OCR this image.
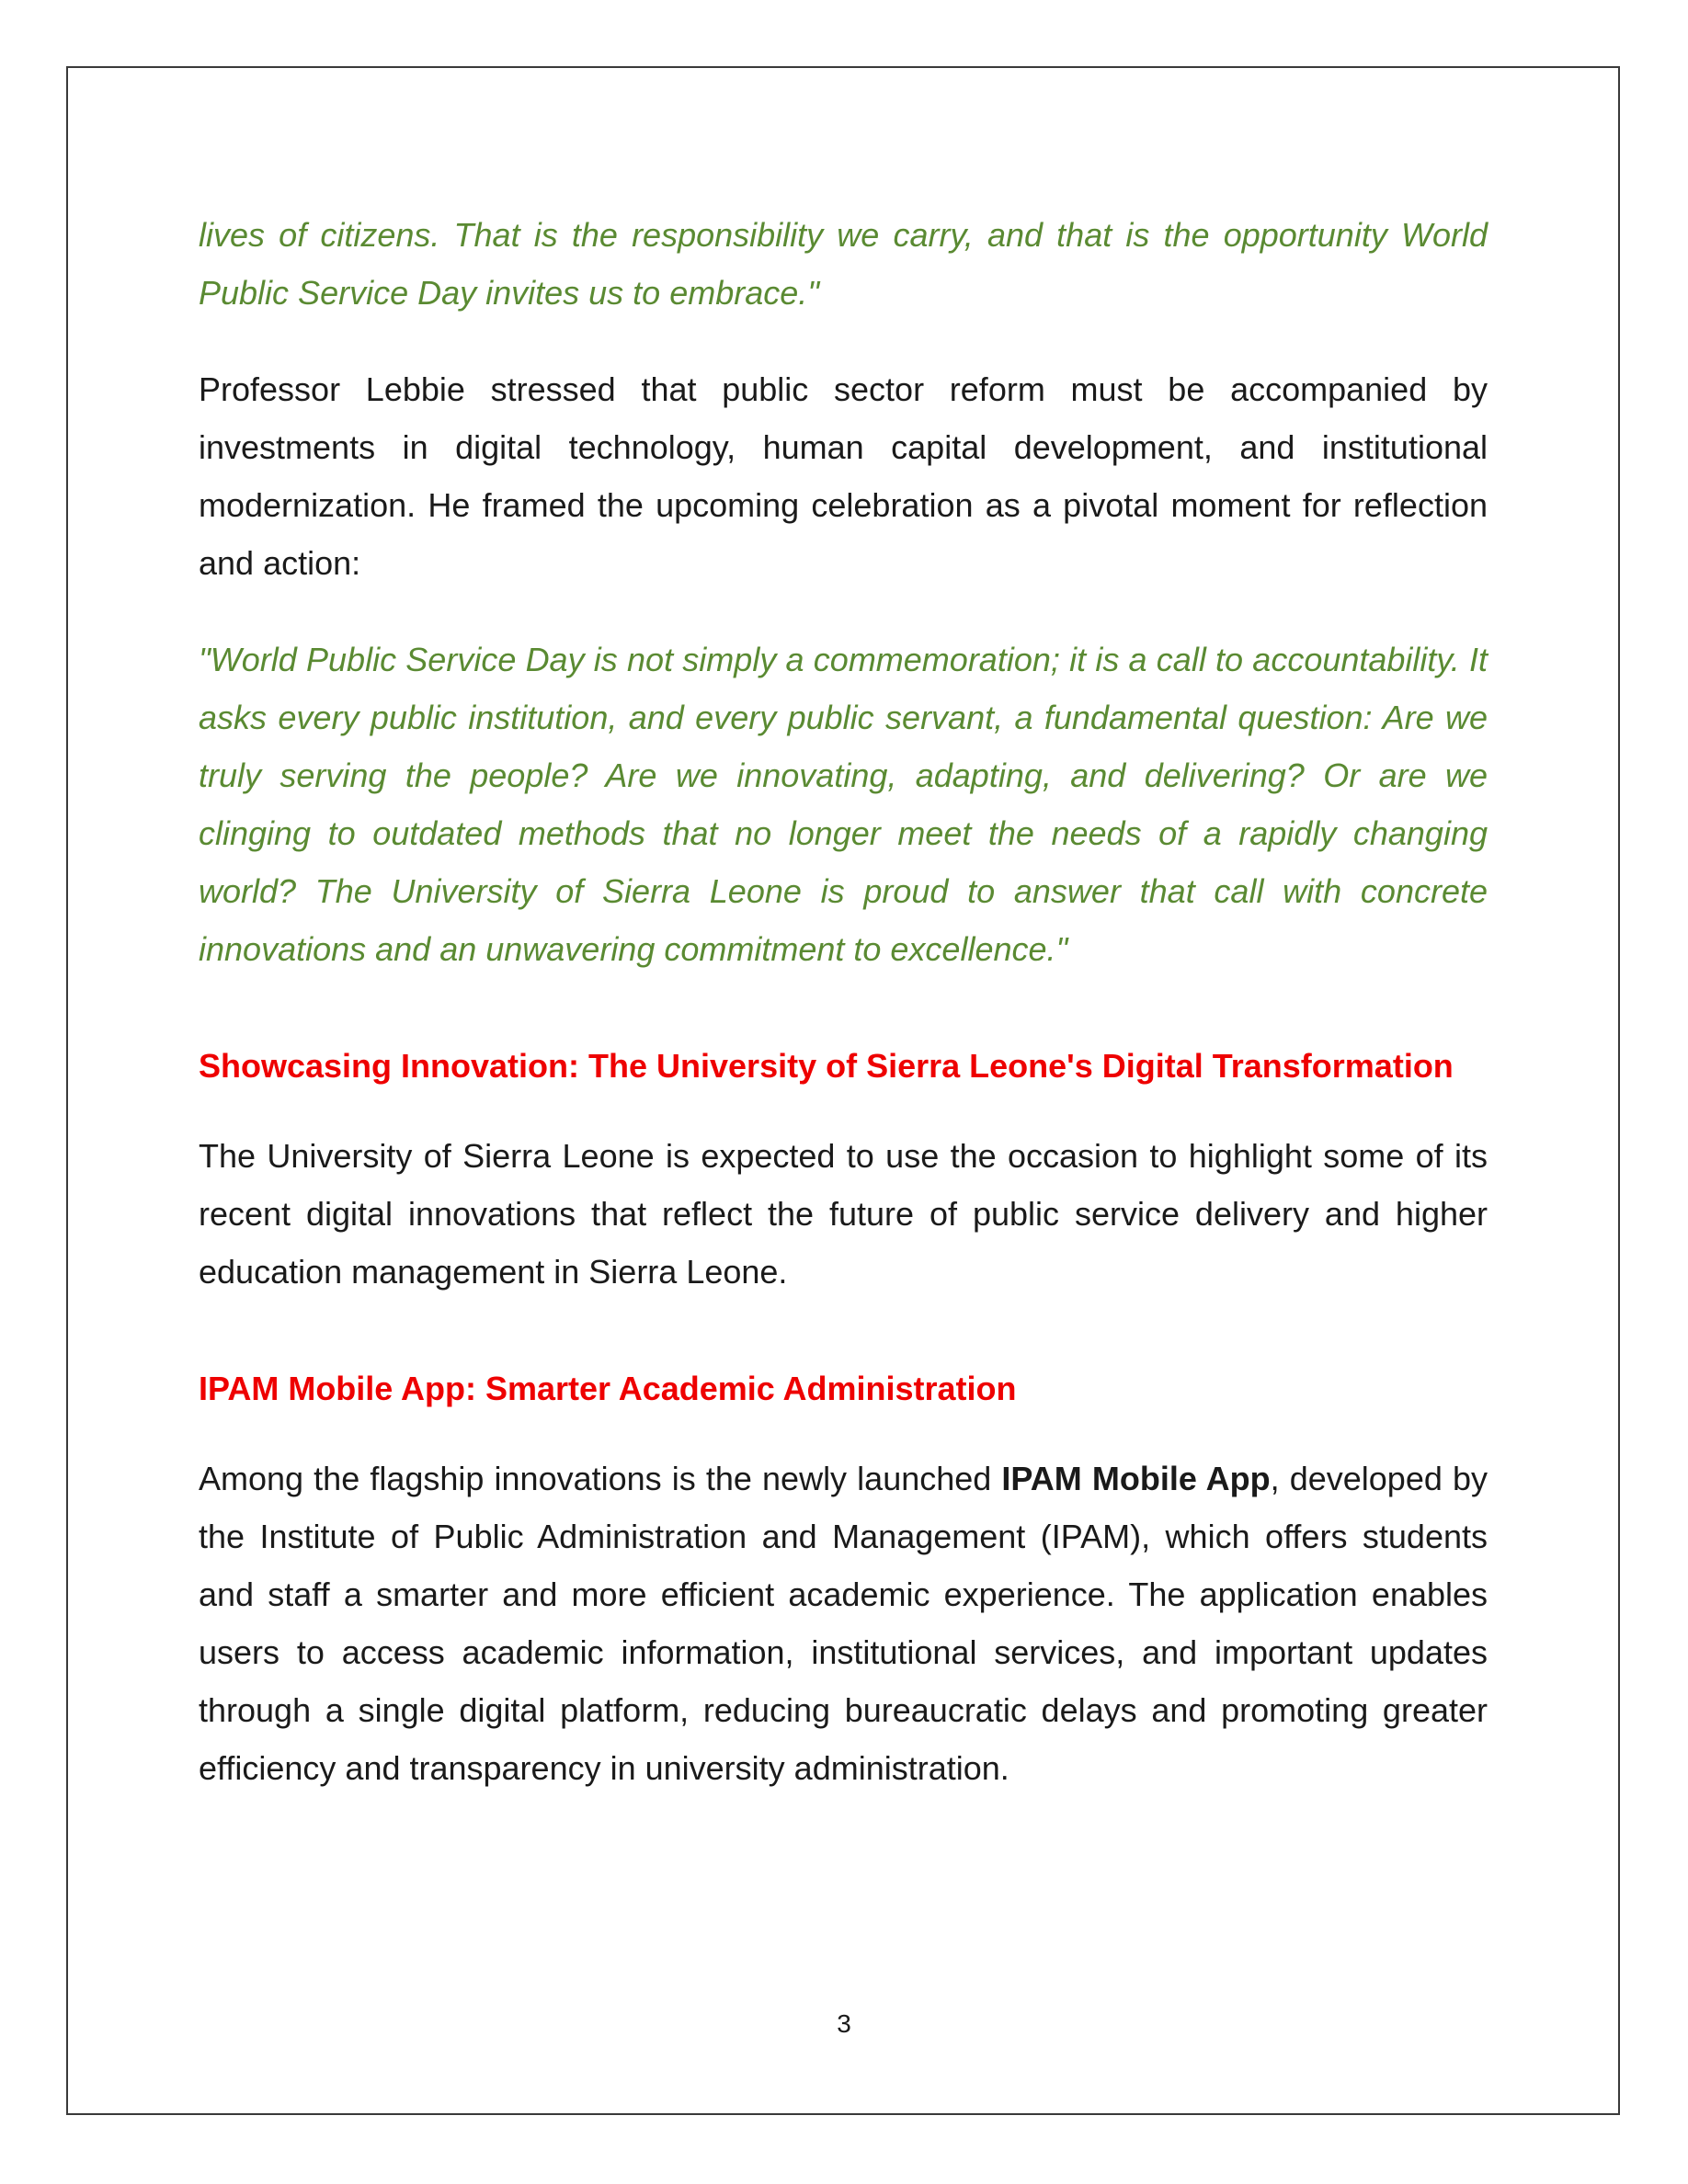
lives of citizens. That is the responsibility we carry, and that is the opportunity World Public Service Day invites us to embrace."

Professor Lebbie stressed that public sector reform must be accompanied by investments in digital technology, human capital development, and institutional modernization. He framed the upcoming celebration as a pivotal moment for reflection and action:

"World Public Service Day is not simply a commemoration; it is a call to accountability. It asks every public institution, and every public servant, a fundamental question: Are we truly serving the people? Are we innovating, adapting, and delivering? Or are we clinging to outdated methods that no longer meet the needs of a rapidly changing world? The University of Sierra Leone is proud to answer that call with concrete innovations and an unwavering commitment to excellence."

Showcasing Innovation: The University of Sierra Leone's Digital Transformation

The University of Sierra Leone is expected to use the occasion to highlight some of its recent digital innovations that reflect the future of public service delivery and higher education management in Sierra Leone.

IPAM Mobile App: Smarter Academic Administration

Among the flagship innovations is the newly launched IPAM Mobile App, developed by the Institute of Public Administration and Management (IPAM), which offers students and staff a smarter and more efficient academic experience. The application enables users to access academic information, institutional services, and important updates through a single digital platform, reducing bureaucratic delays and promoting greater efficiency and transparency in university administration.

3
